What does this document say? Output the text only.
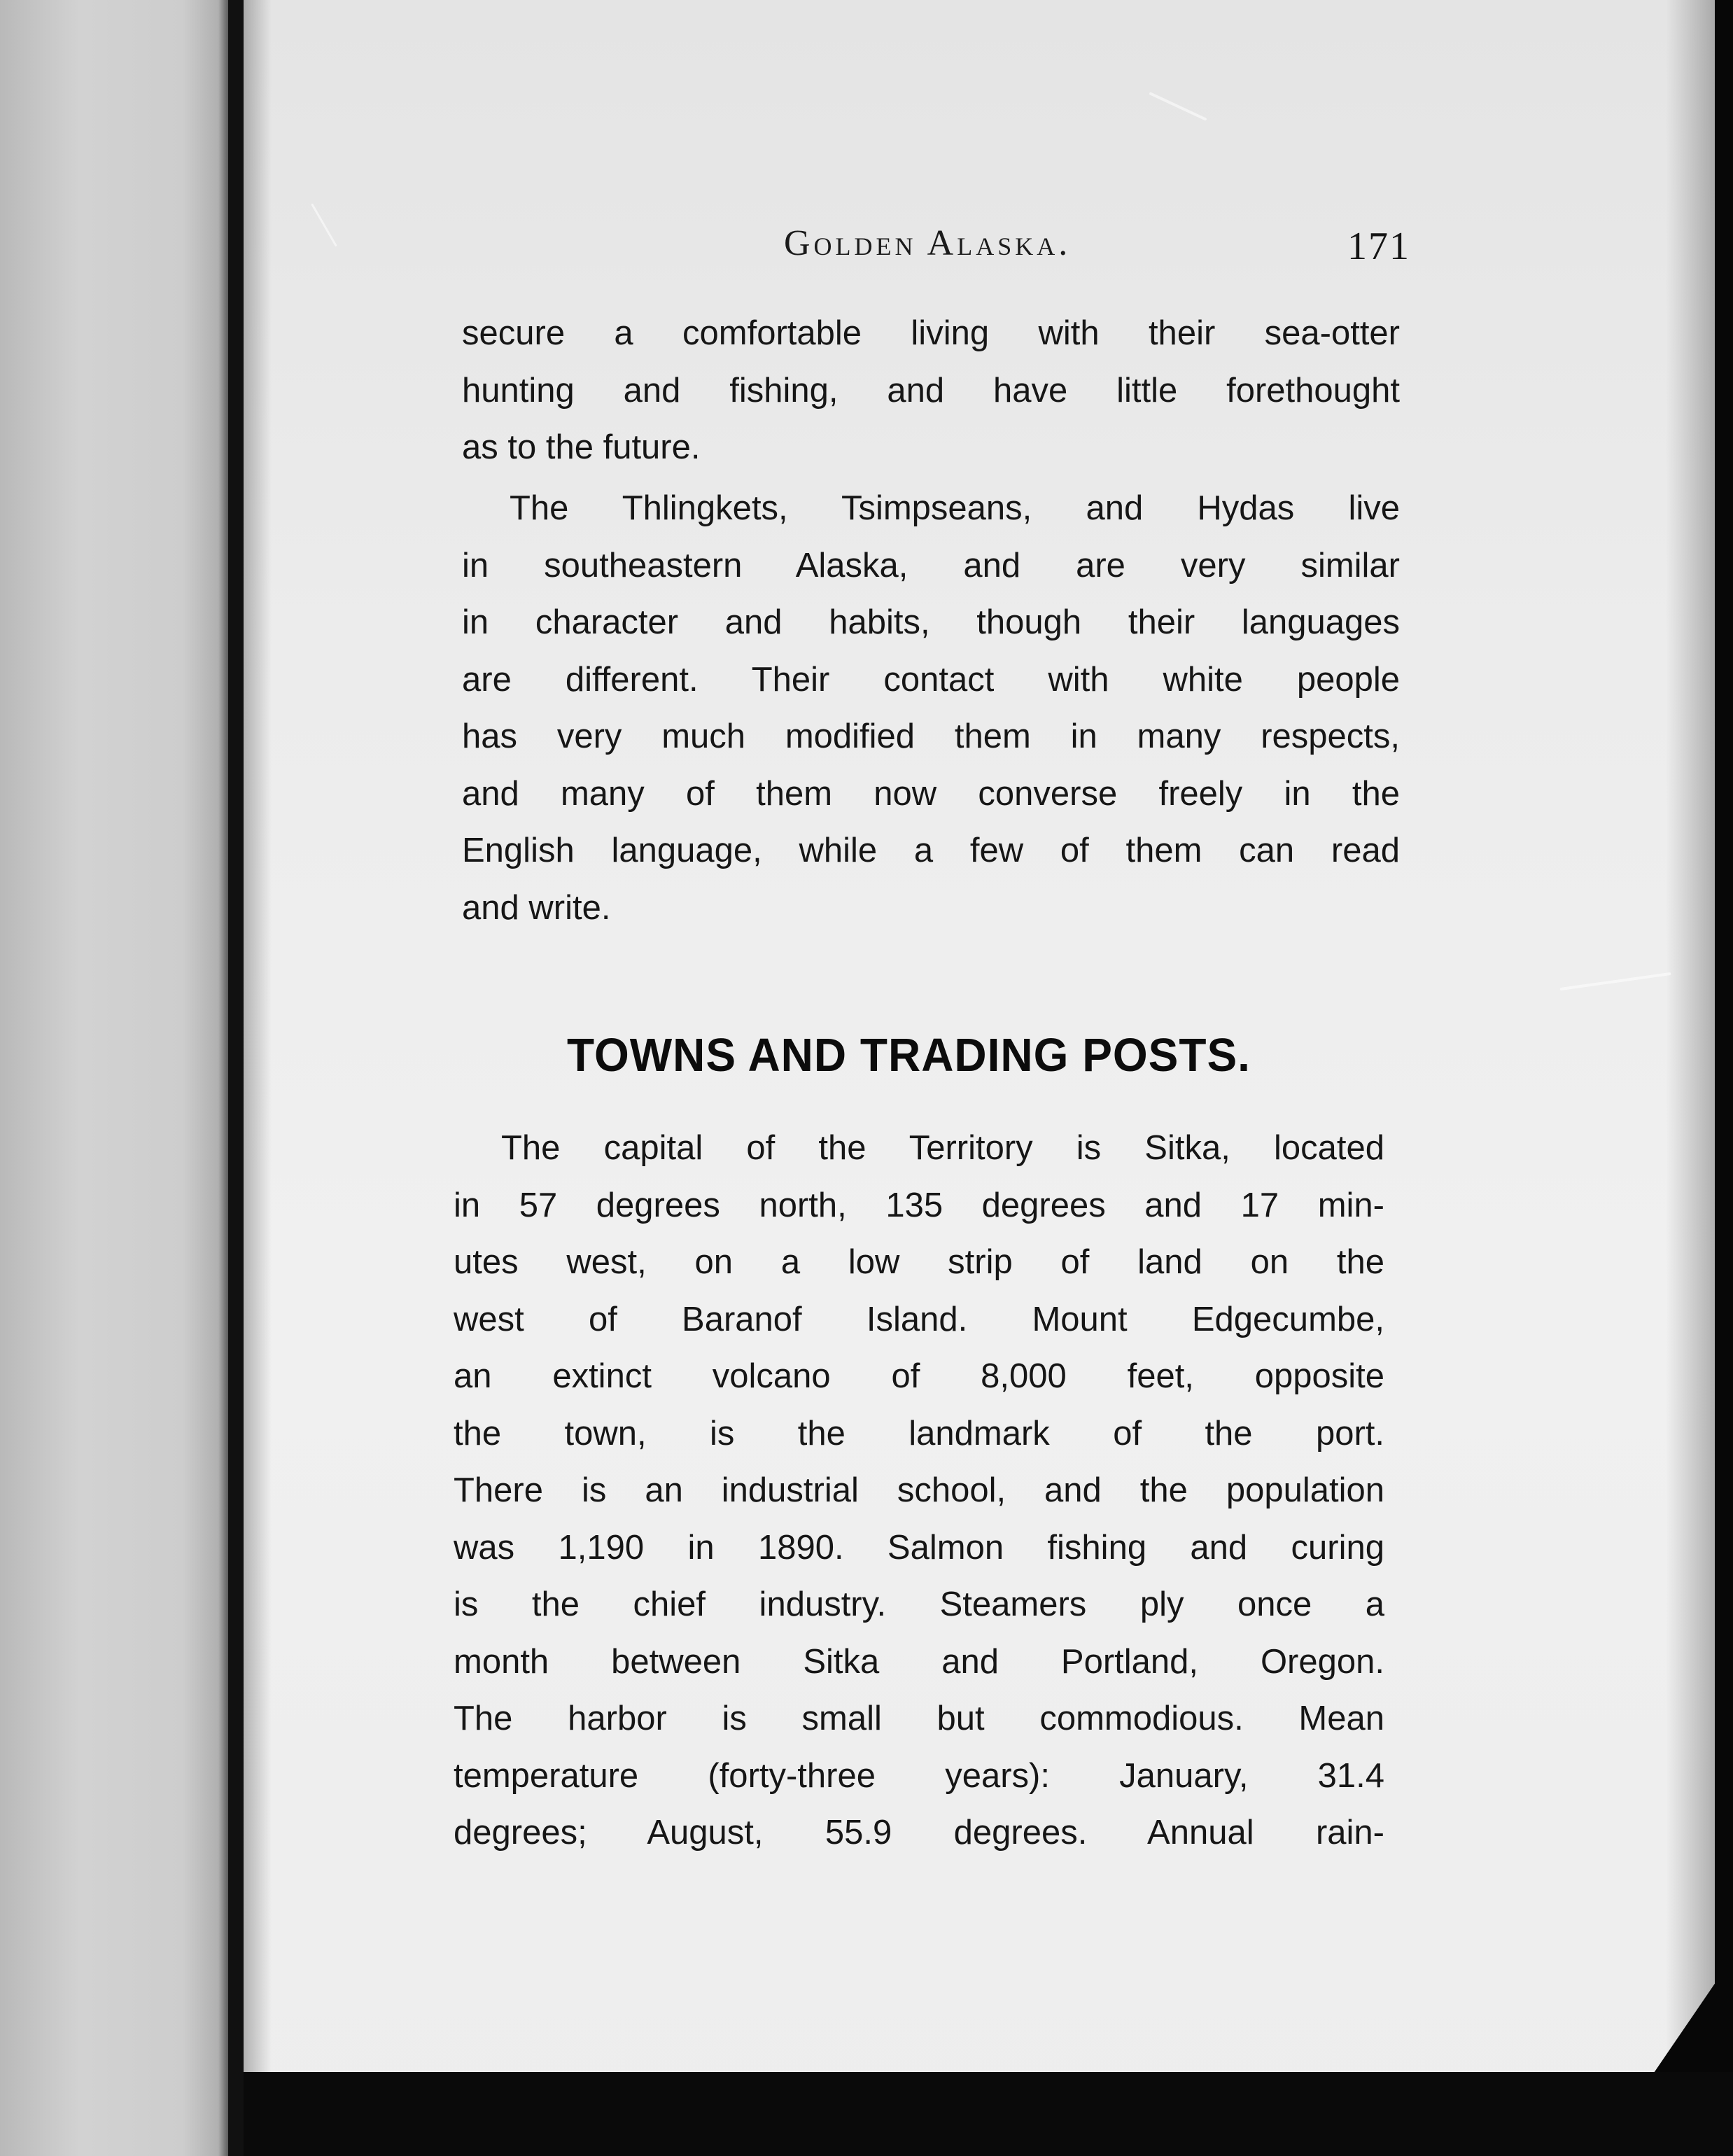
Golden Alaska.	171
secure a comfortable living with their sea-otter
hunting and fishing, and have little forethought
as to the future.
The Thlingkets, Tsimpseans, and Hydas live
in southeastern Alaska, and are very similar
in character and habits, though their languages
are different. Their contact with white people
has very much modified them in many respects,
and many of them now converse freely in the
English language, while a few of them can read
and write.
TOWNS AND TRADING POSTS.
The capital of the Territory is Sitka, located
in 57 degrees north, 135 degrees and 17 min-
utes west, on a low strip of land on the
west of Baranof Island. Mount Edgecumbe,
an extinct volcano of 8,000 feet, opposite
the town, is the landmark of the port.
There is an industrial school, and the population
was 1,190 in 1890. Salmon fishing and curing
is the chief industry. Steamers ply once a
month between Sitka and Portland, Oregon.
The harbor is small but commodious. Mean
temperature (forty-three years): January, 31.4
degrees; August, 55.9 degrees. Annual rain-
